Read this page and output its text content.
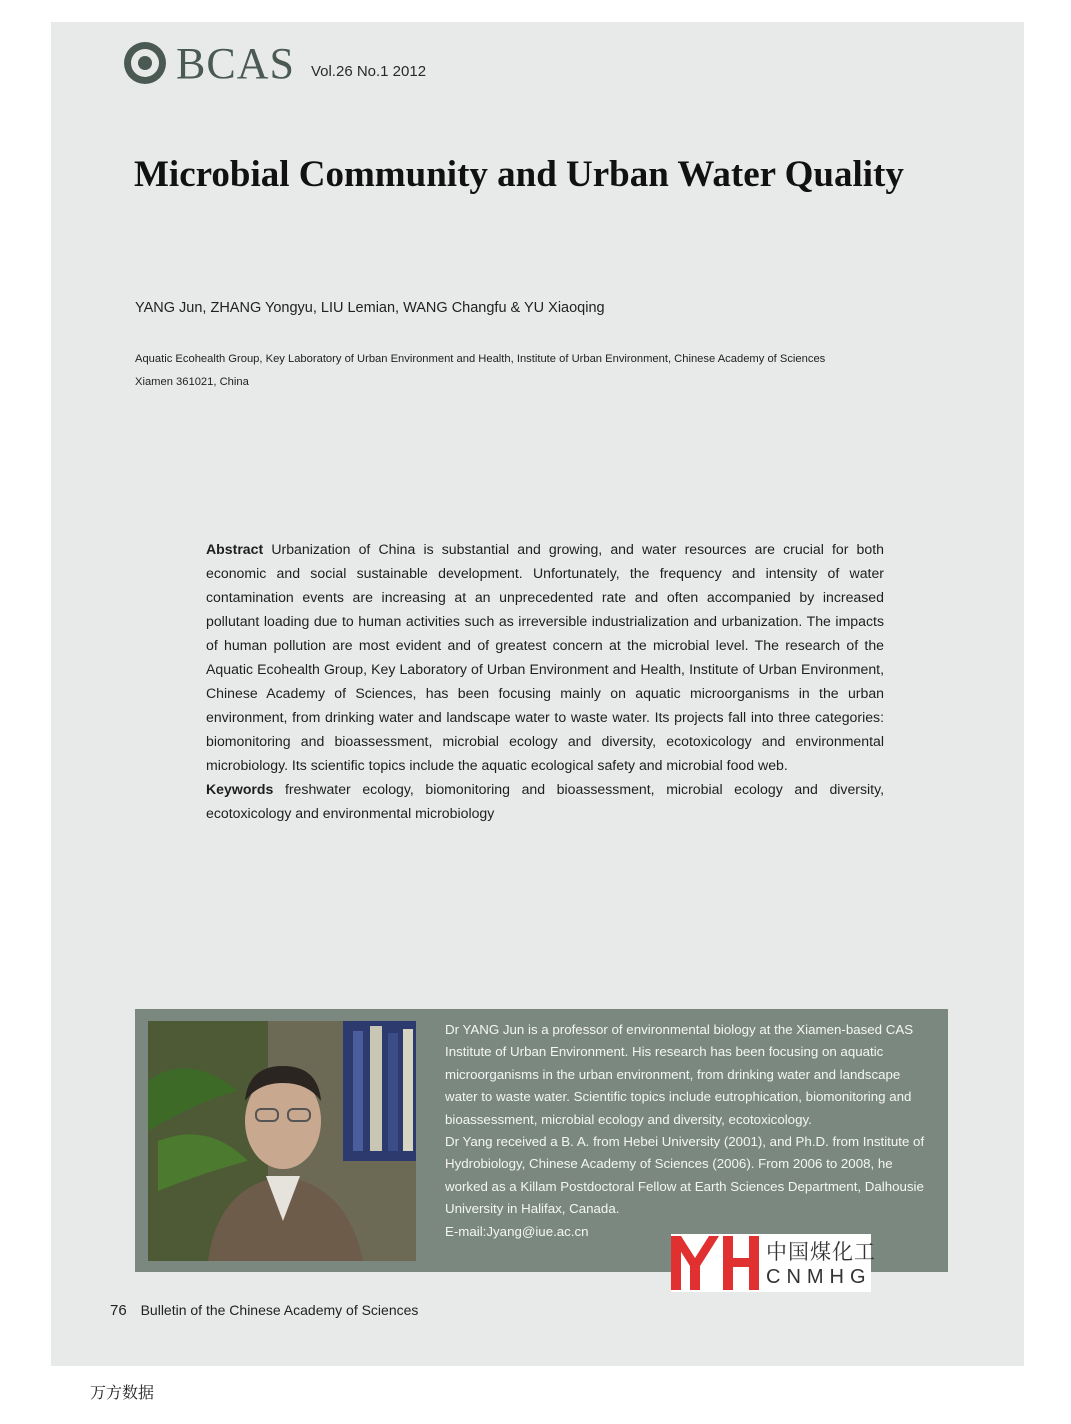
BCAS Vol.26 No.1 2012
Microbial Community and Urban Water Quality
YANG Jun, ZHANG Yongyu, LIU Lemian, WANG Changfu & YU Xiaoqing
Aquatic Ecohealth Group, Key Laboratory of Urban Environment and Health, Institute of Urban Environment, Chinese Academy of Sciences
Xiamen 361021, China

Abstract Urbanization of China is substantial and growing, and water resources are crucial for both economic and social sustainable development. Unfortunately, the frequency and intensity of water contamination events are increasing at an unprecedented rate and often accompanied by increased pollutant loading due to human activities such as irreversible industrialization and urbanization. The impacts of human pollution are most evident and of greatest concern at the microbial level. The research of the Aquatic Ecohealth Group, Key Laboratory of Urban Environment and Health, Institute of Urban Environment, Chinese Academy of Sciences, has been focusing mainly on aquatic microorganisms in the urban environment, from drinking water and landscape water to waste water. Its projects fall into three categories: biomonitoring and bioassessment, microbial ecology and diversity, ecotoxicology and environmental microbiology. Its scientific topics include the aquatic ecological safety and microbial food web.

Keywords freshwater ecology, biomonitoring and bioassessment, microbial ecology and diversity, ecotoxicology and environmental microbiology

Dr YANG Jun is a professor of environmental biology at the Xiamen-based CAS Institute of Urban Environment. His research has been focusing on aquatic microorganisms in the urban environment, from drinking water and landscape water to waste water. Scientific topics include eutrophication, biomonitoring and bioassessment, microbial ecology and diversity, ecotoxicology.

Dr Yang received a B. A. from Hebei University (2001), and Ph.D. from Institute of Hydrobiology, Chinese Academy of Sciences (2006). From 2006 to 2008, he worked as a Killam Postdoctoral Fellow at Earth Sciences Department, Dalhousie University in Halifax, Canada.

E-mail:Jyang@iue.ac.cn

中国煤化工
CNMHG
76 Bulletin of the Chinese Academy of Sciences
万方数据
